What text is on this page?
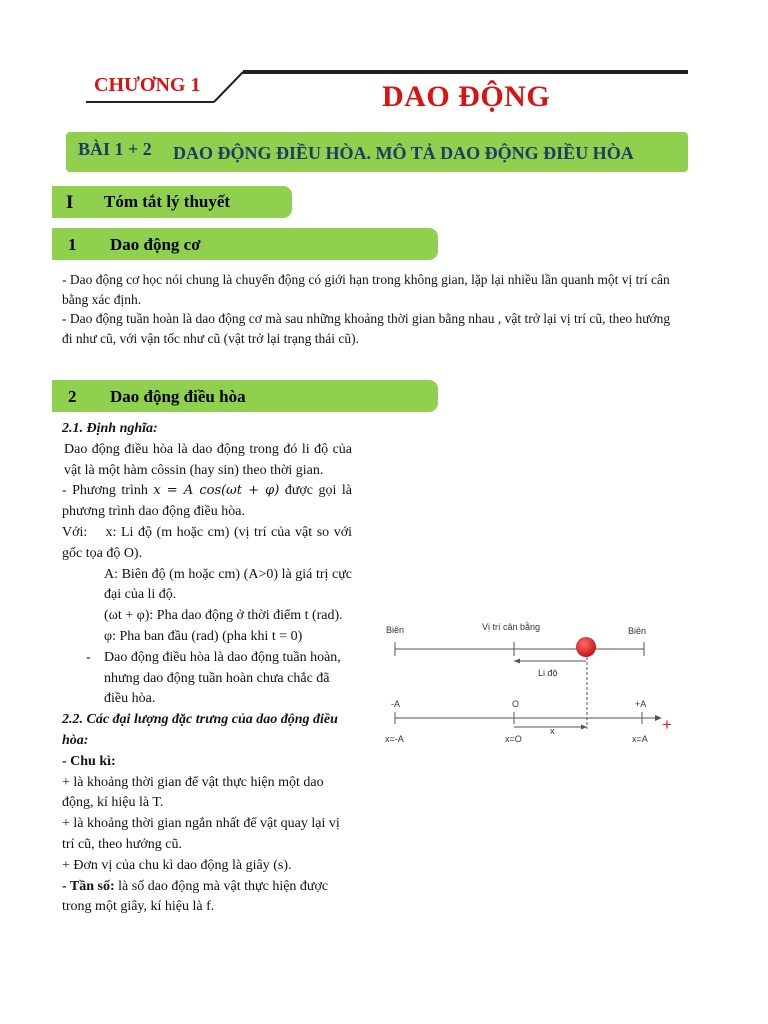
CHƯƠNG 1	DAO ĐỘNG
BÀI 1 + 2 DAO ĐỘNG ĐIỀU HÒA. MÔ TẢ DAO ĐỘNG ĐIỀU HÒA
I Tóm tắt lý thuyết
1 Dao động cơ
- Dao động cơ học nói chung là chuyển động có giới hạn trong không gian, lặp lại nhiều lần quanh một vị trí cân bằng xác định.
- Dao động tuần hoàn là dao động cơ mà sau những khoảng thời gian bằng nhau , vật trở lại vị trí cũ, theo hướng đi như cũ, với vận tốc như cũ (vật trở lại trạng thái cũ).
2 Dao động điều hòa

2.1. Định nghĩa:

Dao động điều hòa là dao động trong đó li độ của vật là một hàm côssin (hay sin) theo thời gian.

- Phương trình x = A cos(ωt + φ) được gọi là phương trình dao động điều hòa.

Với: x: Li độ (m hoặc cm) (vị trí của vật so với gốc tọa độ O).

A: Biên độ (m hoặc cm) (A>0) là giá trị cực đại của li độ.

(ωt + φ): Pha dao động ở thời điểm t (rad).

φ: Pha ban đầu (rad) (pha khi t = 0)

- Dao động điều hòa là dao động tuần hoàn, nhưng dao động tuần hoàn chưa chắc đã điều hòa.

2.2. Các đại lượng đặc trưng của dao động điều hòa:

- Chu kì:

+ là khoảng thời gian để vật thực hiện một dao động, kí hiệu là T.

+ là khoảng thời gian ngắn nhất để vật quay lại vị trí cũ, theo hướng cũ.

+ Đơn vị của chu kì dao động là giây (s).

- Tần số: là số dao động mà vật thực hiện được trong một giây, kí hiệu là f.

Biên	Vị trí cân bằng	Biên
Li độ
-A	O	+A
+
x
x=-A	x=O	x=A
